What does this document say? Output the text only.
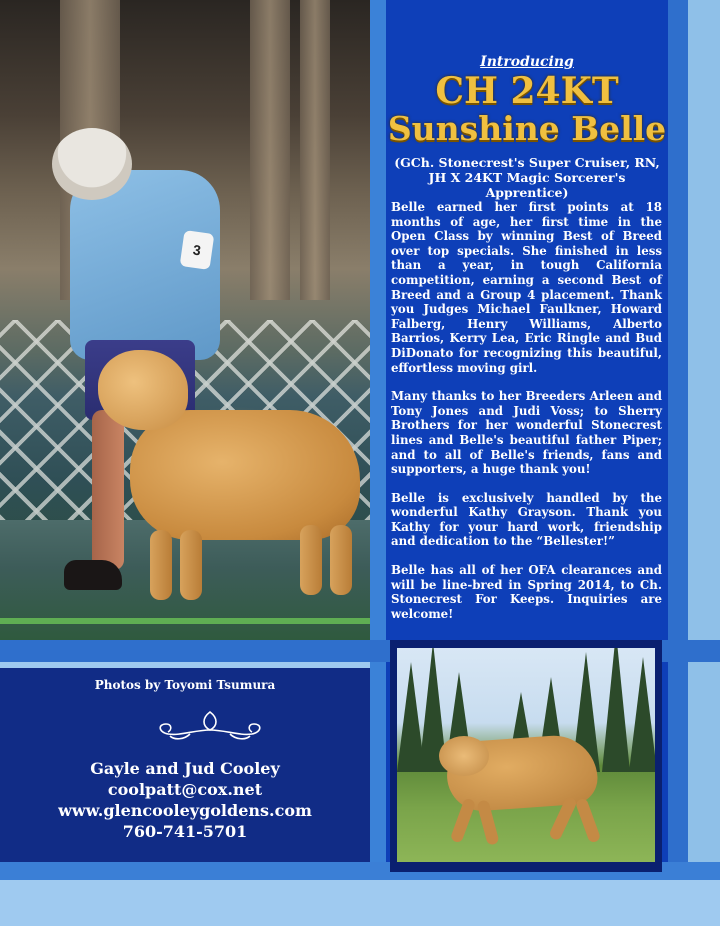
3
Introducing
CH 24KT
Sunshine Belle
(GCh. Stonecrest's Super Cruiser, RN, JH X 24KT Magic Sorcerer's Apprentice)

Belle earned her first points at 18 months of age, her first time in the Open Class by winning Best of Breed over top specials. She finished in less than a year, in tough California competition, earning a second Best of Breed and a Group 4 placement. Thank you Judges Michael Faulkner, Howard Falberg, Henry Williams, Alberto Barrios, Kerry Lea, Eric Ringle and Bud DiDonato for recognizing this beautiful, effortless moving girl.

Many thanks to her Breeders Arleen and Tony Jones and Judi Voss; to Sherry Brothers for her wonderful Stonecrest lines and Belle's beautiful father Piper; and to all of Belle's friends, fans and supporters, a huge thank you!

Belle is exclusively handled by the wonderful Kathy Grayson. Thank you Kathy for your hard work, friendship and dedication to the “Bellester!”

Belle has all of her OFA clearances and will be line-bred in Spring 2014, to Ch. Stonecrest For Keeps. Inquiries are welcome!

Photos by Toyomi Tsumura
Gayle and Jud Cooley
coolpatt@cox.net
www.glencooleygoldens.com
760-741-5701
